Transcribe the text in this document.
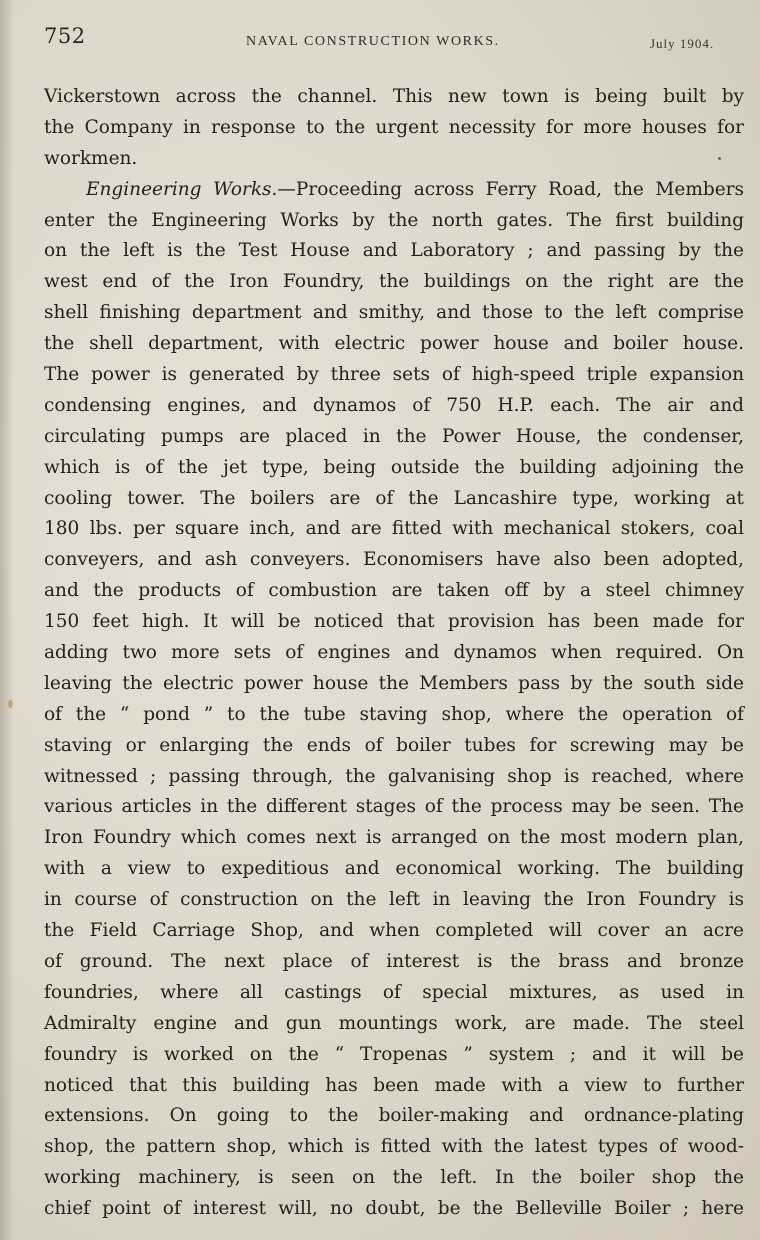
752	NAVAL CONSTRUCTION WORKS.	July 1904.
Vickerstown across the channel. This new town is being built by
the Company in response to the urgent necessity for more houses for
workmen.
Engineering Works.—Proceeding across Ferry Road, the Members
enter the Engineering Works by the north gates. The first building
on the left is the Test House and Laboratory ; and passing by the
west end of the Iron Foundry, the buildings on the right are the
shell finishing department and smithy, and those to the left comprise
the shell department, with electric power house and boiler house.
The power is generated by three sets of high-speed triple expansion
condensing engines, and dynamos of 750 H.P. each. The air and
circulating pumps are placed in the Power House, the condenser,
which is of the jet type, being outside the building adjoining the
cooling tower. The boilers are of the Lancashire type, working at
180 lbs. per square inch, and are fitted with mechanical stokers, coal
conveyers, and ash conveyers. Economisers have also been adopted,
and the products of combustion are taken off by a steel chimney
150 feet high. It will be noticed that provision has been made for
adding two more sets of engines and dynamos when required. On
leaving the electric power house the Members pass by the south side
of the “ pond ” to the tube staving shop, where the operation of
staving or enlarging the ends of boiler tubes for screwing may be
witnessed ; passing through, the galvanising shop is reached, where
various articles in the different stages of the process may be seen. The
Iron Foundry which comes next is arranged on the most modern plan,
with a view to expeditious and economical working. The building
in course of construction on the left in leaving the Iron Foundry is
the Field Carriage Shop, and when completed will cover an acre
of ground. The next place of interest is the brass and bronze
foundries, where all castings of special mixtures, as used in
Admiralty engine and gun mountings work, are made. The steel
foundry is worked on the “ Tropenas ” system ; and it will be
noticed that this building has been made with a view to further
extensions. On going to the boiler-making and ordnance-plating
shop, the pattern shop, which is fitted with the latest types of wood-
working machinery, is seen on the left. In the boiler shop the
chief point of interest will, no doubt, be the Belleville Boiler ; here
